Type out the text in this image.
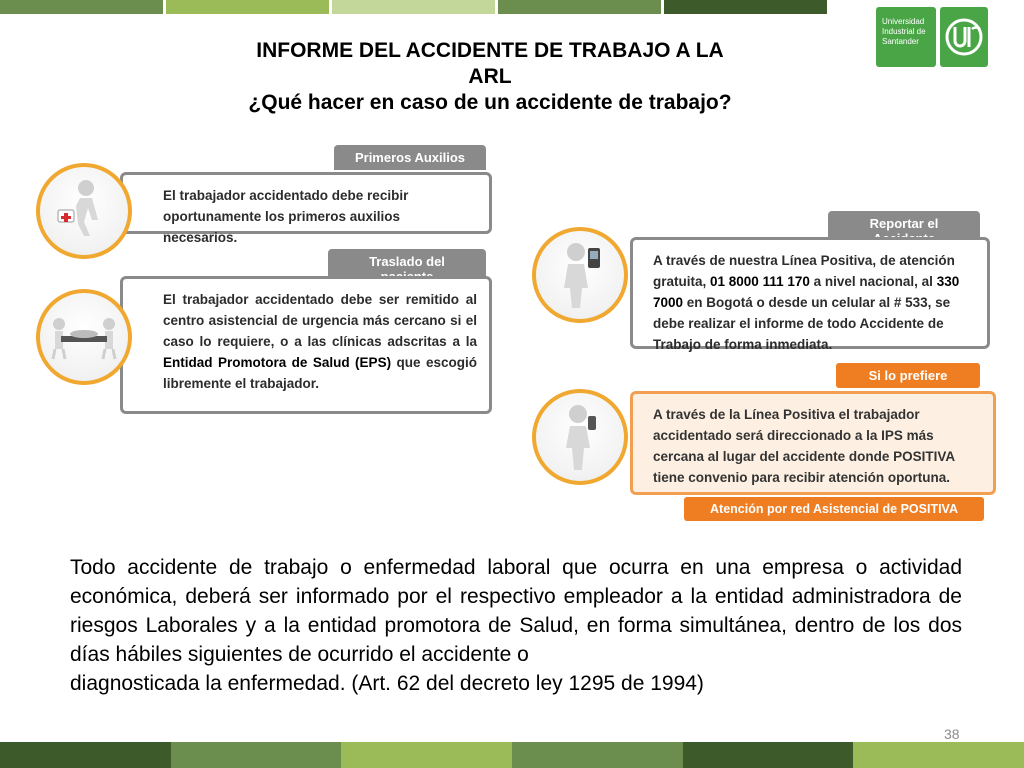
Universidad
Industrial de
Santander
INFORME DEL ACCIDENTE DE TRABAJO A LA
ARL
¿Qué hacer en caso de un accidente de trabajo?
Primeros Auxilios
El trabajador accidentado debe recibir oportunamente los primeros auxilios necesarios.
Traslado del
El trabajador accidentado debe ser remitido al centro asistencial de urgencia más cercano si el caso lo requiere, o a las clínicas adscritas a la Entidad Promotora de Salud (EPS) que escogió libremente el trabajador.
Reportar el
A través de nuestra Línea Positiva, de atención gratuita, 01 8000 111 170 a nivel nacional, al 330 7000 en Bogotá o desde un celular al # 533, se debe realizar el informe de todo Accidente de Trabajo de forma inmediata.
Si lo prefiere
A través de la Línea Positiva el trabajador accidentado será direccionado a la IPS más cercana al lugar del accidente donde POSITIVA tiene convenio para recibir atención oportuna.
Atención por red Asistencial de POSITIVA
Todo accidente de trabajo o enfermedad laboral que ocurra en una empresa o actividad económica, deberá ser informado por el respectivo empleador a la entidad administradora de riesgos Laborales y a la entidad promotora de Salud, en forma simultánea, dentro de los dos días hábiles siguientes de ocurrido el accidente o
diagnosticada la enfermedad. (Art. 62 del decreto ley 1295 de 1994)
38
